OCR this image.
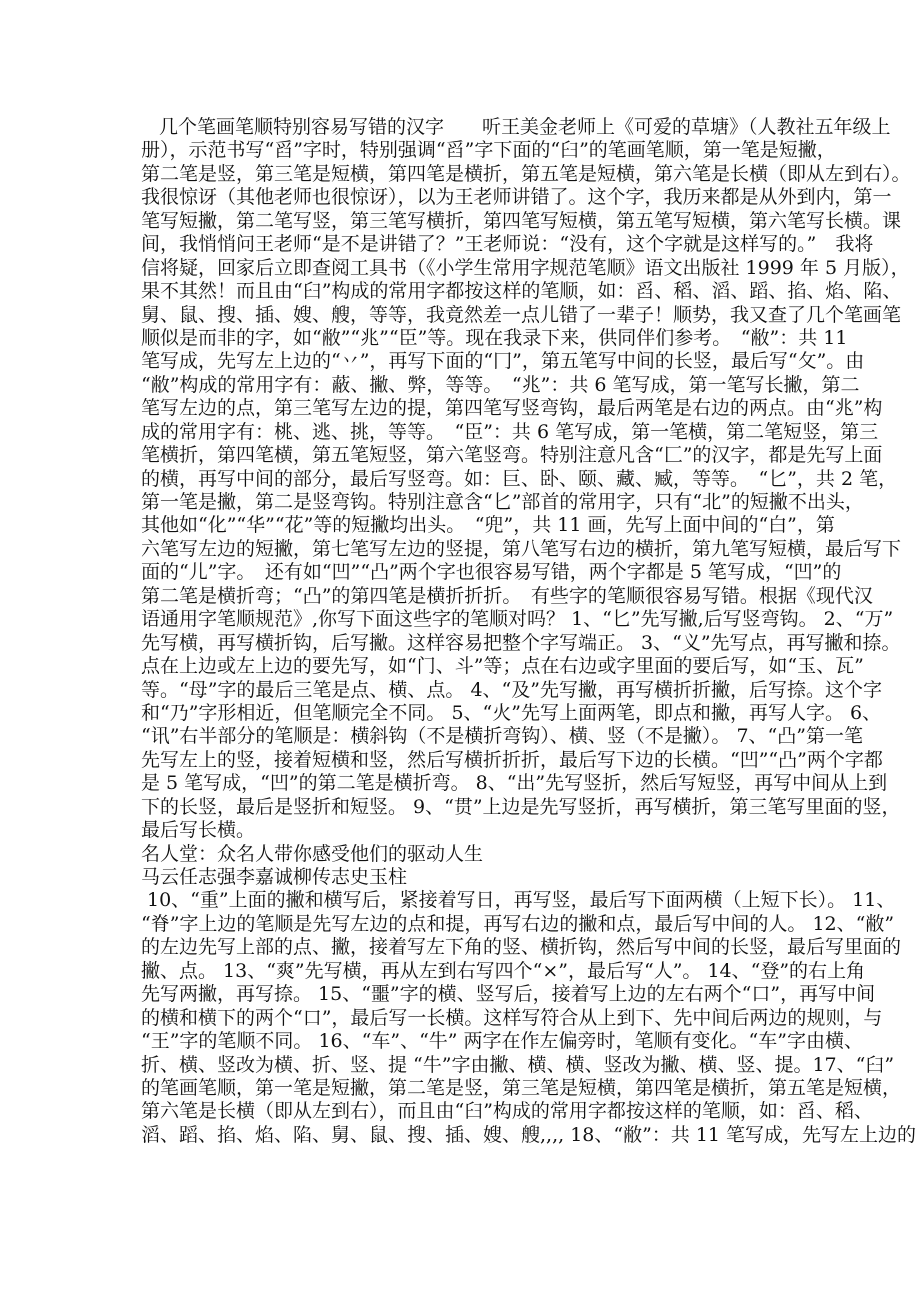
几个笔画笔顺特别容易写错的汉字　　听王美金老师上《可爱的草塘》（人教社五年级上
册），示范书写“舀”字时，特别强调“舀”字下面的“臼”的笔画笔顺，第一笔是短撇，
第二笔是竖，第三笔是短横，第四笔是横折，第五笔是短横，第六笔是长横（即从左到右）。
我很惊讶（其他老师也很惊讶），以为王老师讲错了。这个字，我历来都是从外到内，第一
笔写短撇，第二笔写竖，第三笔写横折，第四笔写短横，第五笔写短横，第六笔写长横。课
间，我悄悄问王老师“是不是讲错了？”王老师说：“没有，这个字就是这样写的。”　我将
信将疑，回家后立即查阅工具书（《小学生常用字规范笔顺》语文出版社 1999 年 5 月版），
果不其然！而且由“臼”构成的常用字都按这样的笔顺，如：舀、稻、滔、蹈、掐、焰、陷、
舅、鼠、搜、插、嫂、艘，等等，我竟然差一点儿错了一辈子！顺势，我又查了几个笔画笔
顺似是而非的字，如“敝”“兆”“臣”等。现在我录下来，供同伴们参考。　“敝”：共 11
笔写成，先写左上边的“丷”，再写下面的“冂”，第五笔写中间的长竖，最后写“攵”。由
“敝”构成的常用字有：蔽、撇、弊，等等。　“兆”：共 6 笔写成，第一笔写长撇，第二
笔写左边的点，第三笔写左边的提，第四笔写竖弯钩，最后两笔是右边的两点。由“兆”构
成的常用字有：桃、逃、挑，等等。　“臣”：共 6 笔写成，第一笔横，第二笔短竖，第三
笔横折，第四笔横，第五笔短竖，第六笔竖弯。特别注意凡含“匚”的汉字，都是先写上面
的横，再写中间的部分，最后写竖弯。如：巨、卧、颐、藏、臧，等等。　“匕”，共 2 笔，
第一笔是撇，第二是竖弯钩。特别注意含“匕”部首的常用字，只有“北”的短撇不出头，
其他如“化”“华”“花”等的短撇均出头。　“兜”，共 11 画，先写上面中间的“白”，第
六笔写左边的短撇，第七笔写左边的竖提，第八笔写右边的横折，第九笔写短横，最后写下
面的“儿”字。　还有如“凹”“凸”两个字也很容易写错，两个字都是 5 笔写成，“凹”的
第二笔是横折弯；“凸”的第四笔是横折折折。　有些字的笔顺很容易写错。根据《现代汉
语通用字笔顺规范》,你写下面这些字的笔顺对吗？ 1、“匕”先写撇,后写竖弯钩。 2、“万”
先写横，再写横折钩，后写撇。这样容易把整个字写端正。 3、“义”先写点，再写撇和捺。
点在上边或左上边的要先写，如“门、斗”等；点在右边或字里面的要后写，如“玉、瓦”
等。“母”字的最后三笔是点、横、点。 4、“及”先写撇，再写横折折撇，后写捺。这个字
和“乃”字形相近，但笔顺完全不同。 5、“火”先写上面两笔，即点和撇，再写人字。 6、
“讯”右半部分的笔顺是：横斜钩（不是横折弯钩）、横、竖（不是撇）。 7、“凸”第一笔
先写左上的竖，接着短横和竖，然后写横折折折，最后写下边的长横。“凹”“凸”两个字都
是 5 笔写成，“凹”的第二笔是横折弯。 8、“出”先写竖折，然后写短竖，再写中间从上到
下的长竖，最后是竖折和短竖。 9、“贯”上边是先写竖折，再写横折，第三笔写里面的竖，
最后写长横。
名人堂：众名人带你感受他们的驱动人生
马云任志强李嘉诚柳传志史玉柱
10、“重”上面的撇和横写后，紧接着写日，再写竖，最后写下面两横（上短下长）。 11、
“脊”字上边的笔顺是先写左边的点和提，再写右边的撇和点，最后写中间的人。 12、“敝”
的左边先写上部的点、撇，接着写左下角的竖、横折钩，然后写中间的长竖，最后写里面的
撇、点。 13、“爽”先写横，再从左到右写四个“×”，最后写“人”。 14、“登”的右上角
先写两撇，再写捺。 15、“噩”字的横、竖写后，接着写上边的左右两个“口”，再写中间
的横和横下的两个“口”，最后写一长横。这样写符合从上到下、先中间后两边的规则，与
“王”字的笔顺不同。 16、“车”、“牛” 两字在作左偏旁时，笔顺有变化。“车”字由横、
折、横、竖改为横、折、竖、提 “牛”字由撇、横、横、竖改为撇、横、竖、提。17、“臼”
的笔画笔顺，第一笔是短撇，第二笔是竖，第三笔是短横，第四笔是横折，第五笔是短横，
第六笔是长横（即从左到右），而且由“臼”构成的常用字都按这样的笔顺，如：舀、稻、
滔、蹈、掐、焰、陷、舅、鼠、搜、插、嫂、艘,,,, 18、“敝”：共 11 笔写成，先写左上边的
